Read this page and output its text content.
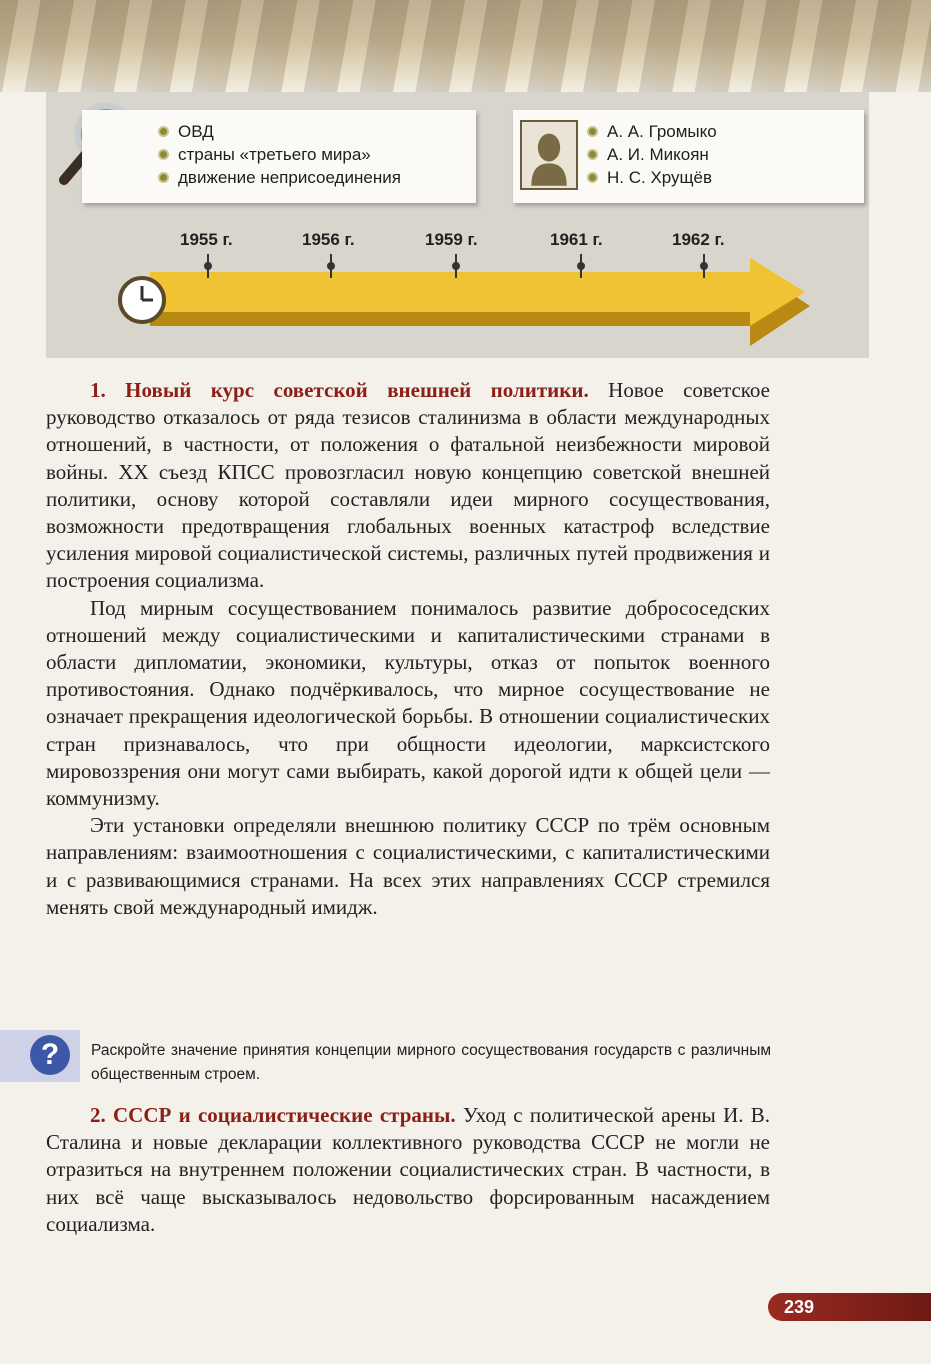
ОВД
страны «третьего мира»
движение неприсоединения
А. А. Громыко
А. И. Микоян
Н. С. Хрущёв
1955 г.	1956 г.	1959 г.	1961 г.	1962 г.

1. Новый курс советской внешней политики. Новое советское руководство отказалось от ряда тезисов сталинизма в области международных отношений, в частности, от положения о фатальной неизбежности мировой войны. XX съезд КПСС провозгласил новую концепцию советской внешней политики, основу которой составляли идеи мирного сосуществования, возможности предотвращения глобальных военных катастроф вследствие усиления мировой социалистической системы, различных путей продвижения и построения социализма.

Под мирным сосуществованием понималось развитие добрососедских отношений между социалистическими и капиталистическими странами в области дипломатии, экономики, культуры, отказ от попыток военного противостояния. Однако подчёркивалось, что мирное сосуществование не означает прекращения идеологической борьбы. В отношении социалистических стран признавалось, что при общности идеологии, марксистского мировоззрения они могут сами выбирать, какой дорогой идти к общей цели — коммунизму.

Эти установки определяли внешнюю политику СССР по трём основным направлениям: взаимоотношения с социалистическими, с капиталистическими и с развивающимися странами. На всех этих направлениях СССР стремился менять свой международный имидж.

?	Раскройте значение принятия концепции мирного сосуществования государств с различным общественным строем.

2. СССР и социалистические страны. Уход с политической арены И. В. Сталина и новые декларации коллективного руководства СССР не могли не отразиться на внутреннем положении социалистических стран. В частности, в них всё чаще высказывалось недовольство форсированным насаждением социализма.

239
